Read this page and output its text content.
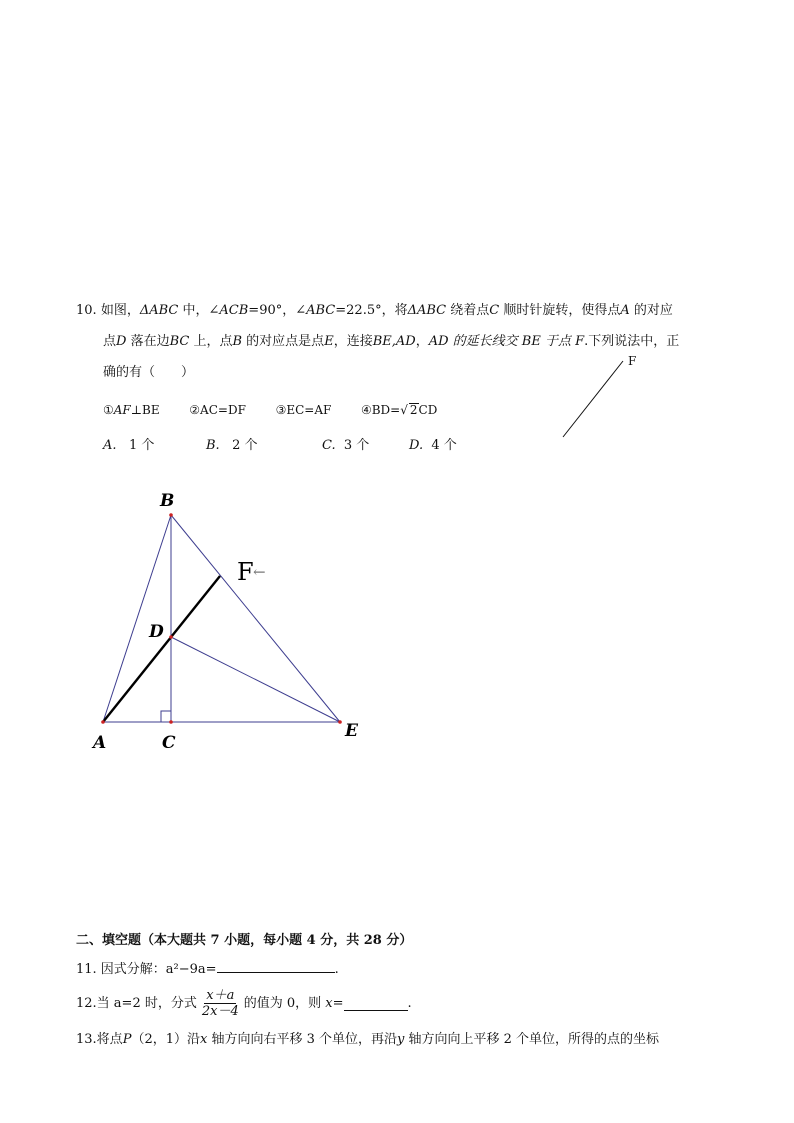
10. 如图，ΔABC 中，∠ACB=90°，∠ABC=22.5°，将ΔABC 绕着点C 顺时针旋转，使得点A 的对应
点D 落在边BC 上，点B 的对应点是点E，连接BE,AD，AD 的延长线交 BE 于点 F.下列说法中，正
确的有（　　）
F
①AF⊥BE ②AC=DF ③EC=AF ④BD=√ 2CD
A. 1 个	B. 2 个	C. 3 个	D. 4 个
B
D
A	C
E
F ←
二、填空题（本大题共 7 小题，每小题 4 分，共 28 分）
11. 因式分解：a²−9a=	.
12.当 a=2 时，分式 $\frac{x+a}{2x-4}$ 的值为 0，则
x =	.
13.将点P（2，1）沿x 轴方向向右平移 3 个单位，再沿y 轴方向向上平移 2 个单位，所得的点的坐标
